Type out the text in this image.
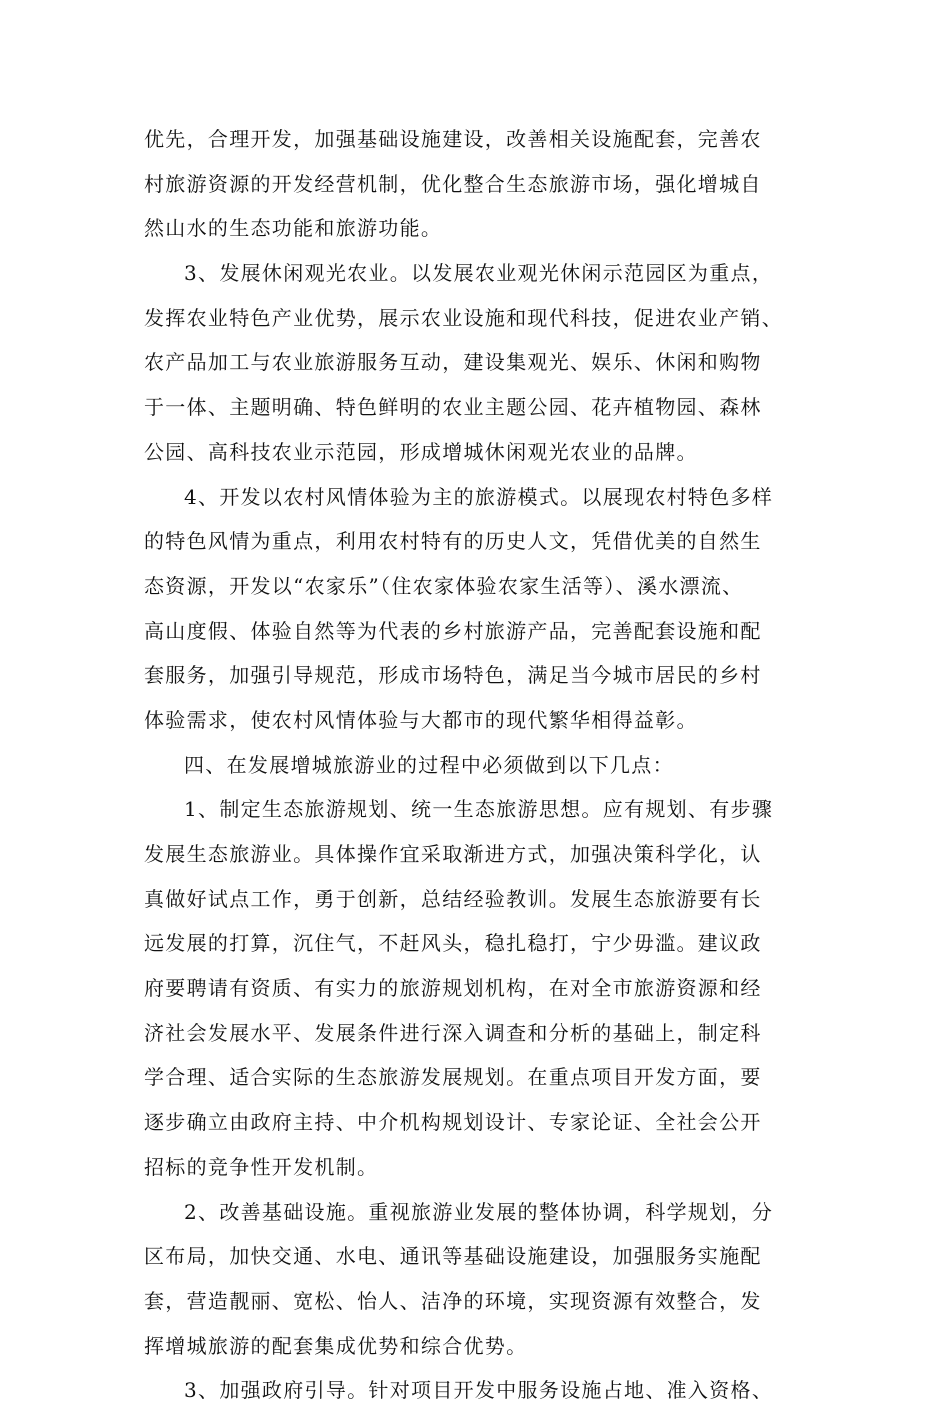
优先，合理开发，加强基础设施建设，改善相关设施配套，完善农
村旅游资源的开发经营机制，优化整合生态旅游市场，强化增城自
然山水的生态功能和旅游功能。
3、发展休闲观光农业。以发展农业观光休闲示范园区为重点，
发挥农业特色产业优势，展示农业设施和现代科技，促进农业产销、
农产品加工与农业旅游服务互动，建设集观光、娱乐、休闲和购物
于一体、主题明确、特色鲜明的农业主题公园、花卉植物园、森林
公园、高科技农业示范园，形成增城休闲观光农业的品牌。
4、开发以农村风情体验为主的旅游模式。以展现农村特色多样
的特色风情为重点，利用农村特有的历史人文，凭借优美的自然生
态资源，开发以“农家乐”（住农家体验农家生活等）、溪水漂流、
高山度假、体验自然等为代表的乡村旅游产品，完善配套设施和配
套服务，加强引导规范，形成市场特色，满足当今城市居民的乡村
体验需求，使农村风情体验与大都市的现代繁华相得益彰。
四、在发展增城旅游业的过程中必须做到以下几点：
1、制定生态旅游规划、统一生态旅游思想。应有规划、有步骤
发展生态旅游业。具体操作宜采取渐进方式，加强决策科学化，认
真做好试点工作，勇于创新，总结经验教训。发展生态旅游要有长
远发展的打算，沉住气，不赶风头，稳扎稳打，宁少毋滥。建议政
府要聘请有资质、有实力的旅游规划机构，在对全市旅游资源和经
济社会发展水平、发展条件进行深入调查和分析的基础上，制定科
学合理、适合实际的生态旅游发展规划。在重点项目开发方面，要
逐步确立由政府主持、中介机构规划设计、专家论证、全社会公开
招标的竞争性开发机制。
2、改善基础设施。重视旅游业发展的整体协调，科学规划，分
区布局，加快交通、水电、通讯等基础设施建设，加强服务实施配
套，营造靓丽、宽松、怡人、洁净的环境，实现资源有效整合，发
挥增城旅游的配套集成优势和综合优势。
3、加强政府引导。针对项目开发中服务设施占地、准入资格、
